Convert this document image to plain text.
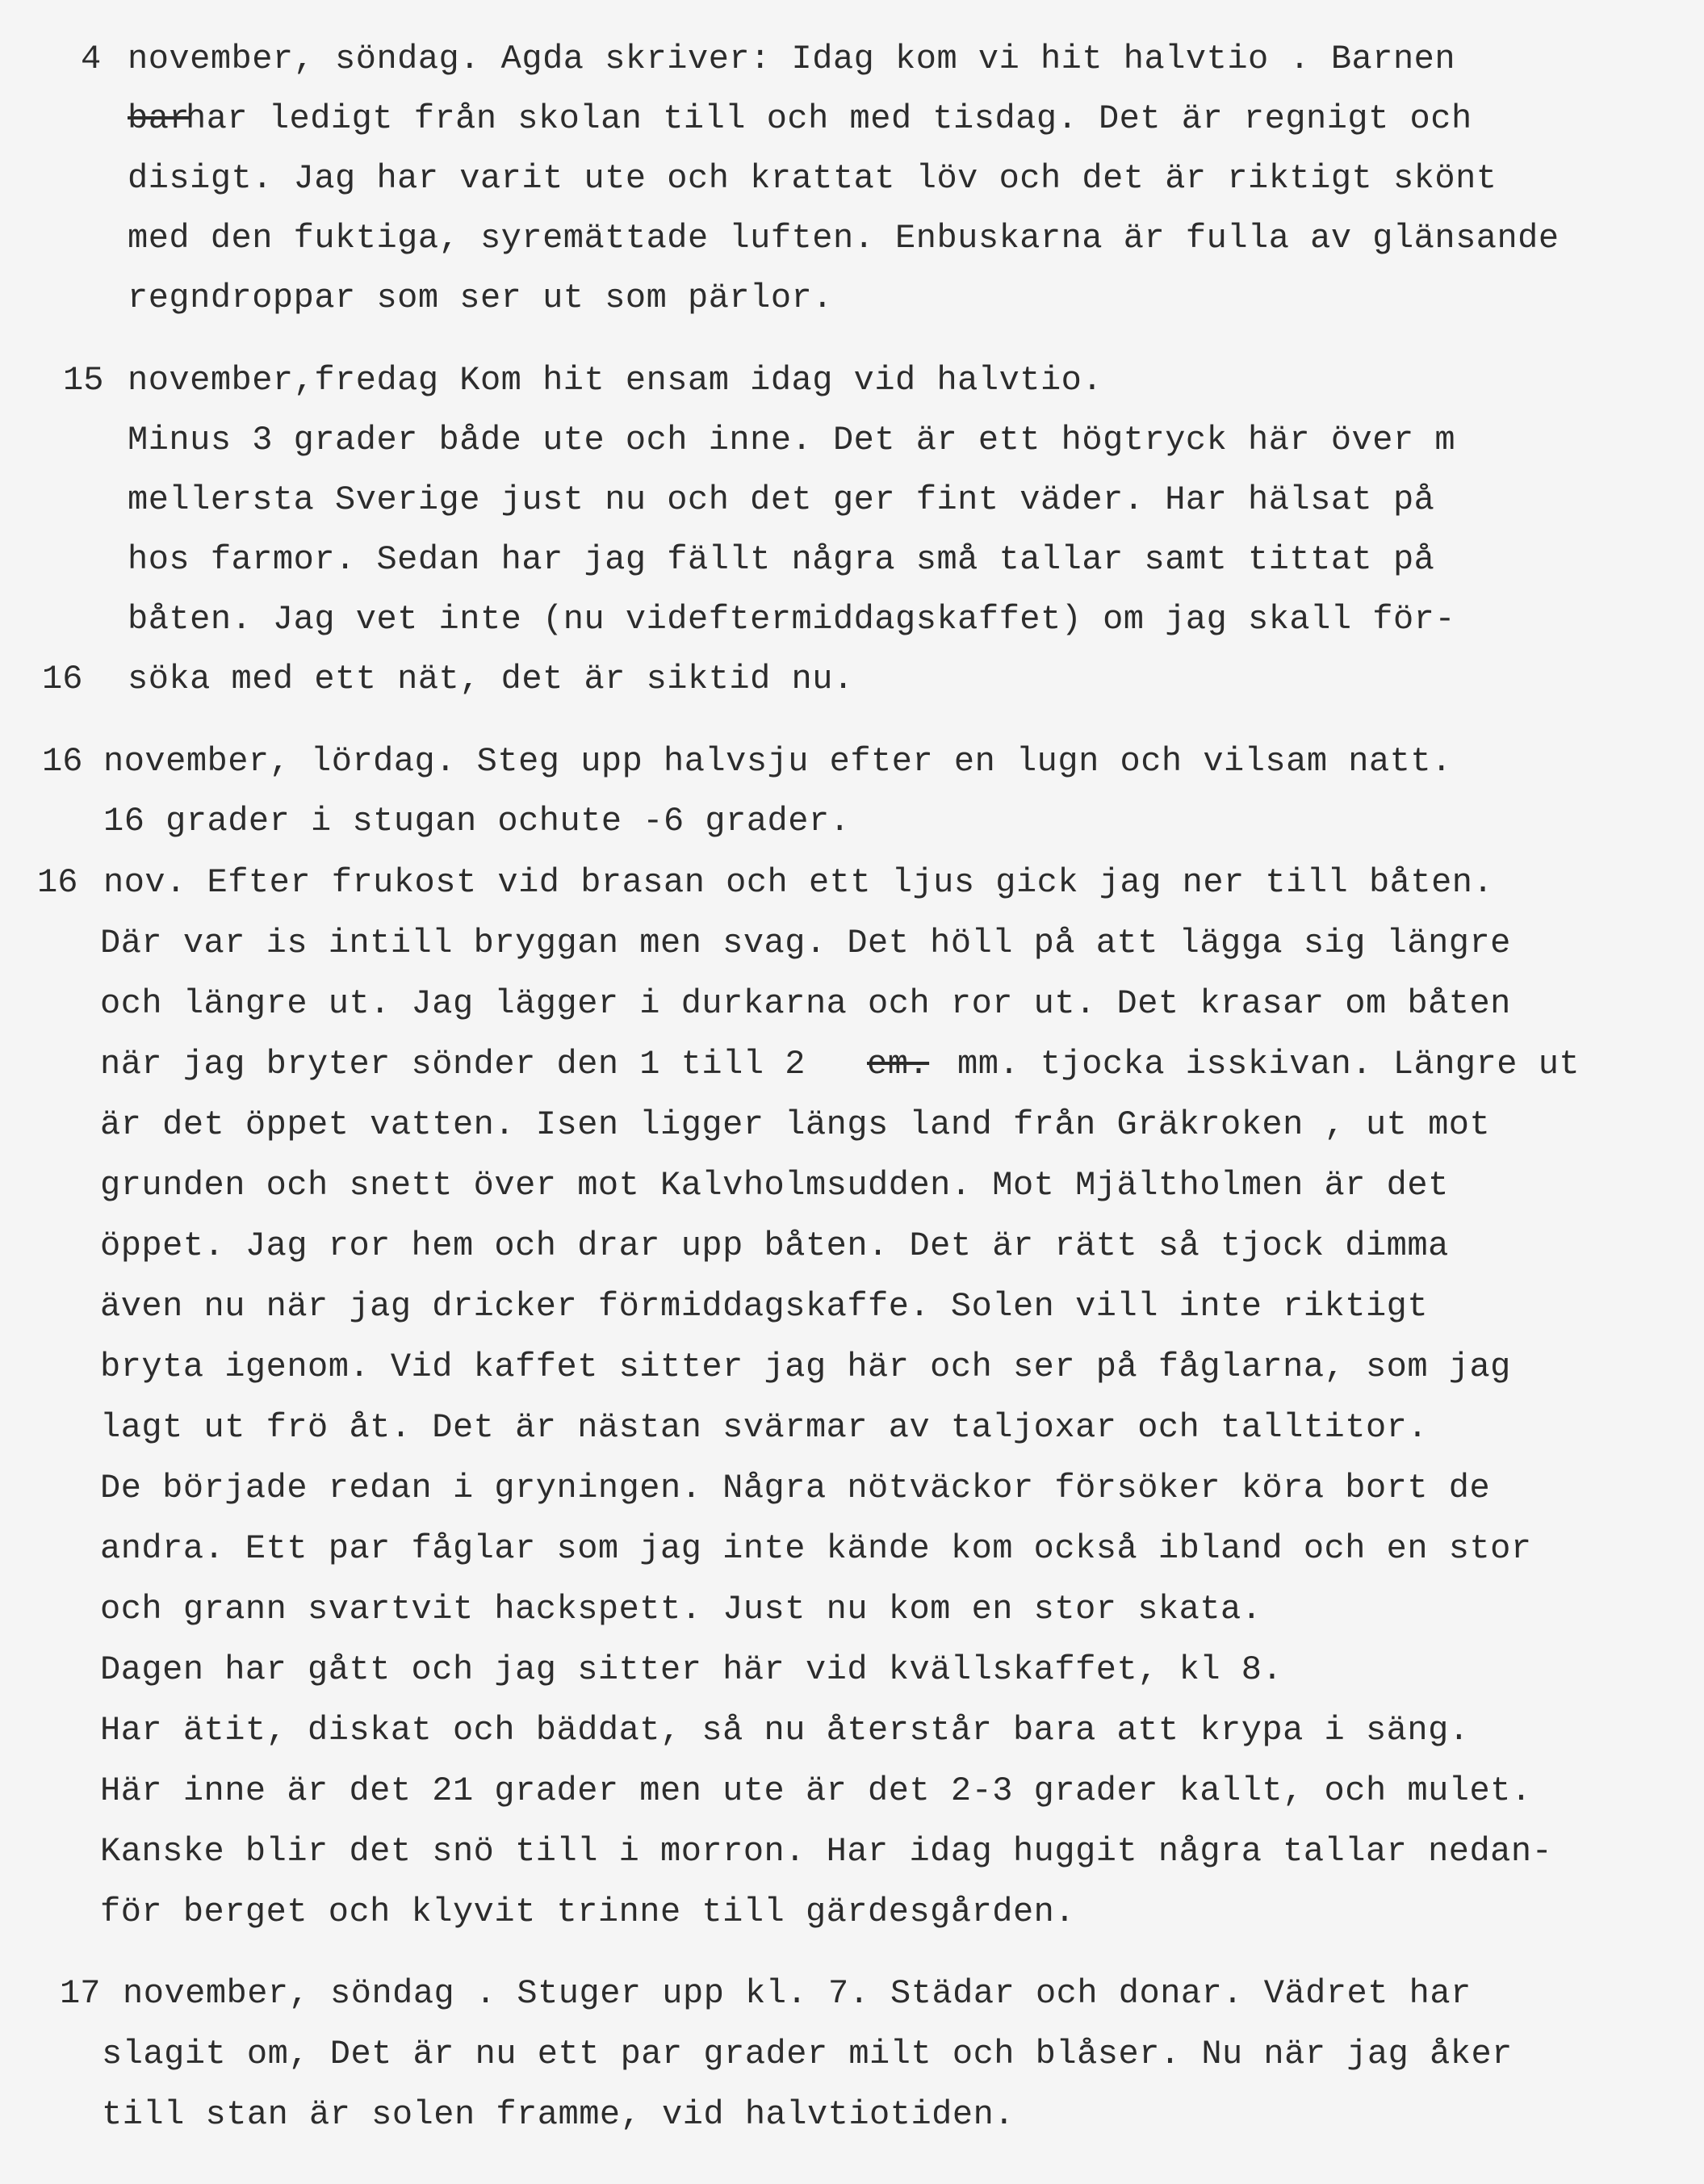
4 november, söndag. Agda skriver: Idag kom vi hit halvtio . Barnen
bar
har ledigt från skolan till och med tisdag. Det är regnigt och
disigt. Jag har varit ute och krattat löv och det är riktigt skönt
med den fuktiga, syremättade luften. Enbuskarna är fulla av glänsande
regndroppar som ser ut som pärlor.
15 november,fredag Kom hit ensam idag vid halvtio.
Minus 3 grader både ute och inne. Det är ett högtryck här över m
mellersta Sverige just nu och det ger fint väder. Har hälsat på
hos farmor. Sedan har jag fällt några små tallar samt tittat på
båten. Jag vet inte (nu videftermiddagskaffet) om jag skall för-
16 söka med ett nät, det är siktid nu.
16 november, lördag. Steg upp halvsju efter en lugn och vilsam natt.
16 grader i stugan ochute -6 grader.
16 nov. Efter frukost vid brasan och ett ljus gick jag ner till båten.
Där var is intill bryggan men svag. Det höll på att lägga sig längre
och längre ut. Jag lägger i durkarna och ror ut. Det krasar om båten
när jag bryter sönder den 1 till 2 em. mm. tjocka isskivan. Längre ut
är det öppet vatten. Isen ligger längs land från Gräkroken , ut mot
grunden och snett över mot Kalvholmsudden. Mot Mjältholmen är det
öppet. Jag ror hem och drar upp båten. Det är rätt så tjock dimma
även nu när jag dricker förmiddagskaffe. Solen vill inte riktigt
bryta igenom. Vid kaffet sitter jag här och ser på fåglarna, som jag
lagt ut frö åt. Det är nästan svärmar av taljoxar och talltitor.
De började redan i gryningen. Några nötväckor försöker köra bort de
andra. Ett par fåglar som jag inte kände kom också ibland och en stor
och grann svartvit hackspett. Just nu kom en stor skata.
Dagen har gått och jag sitter här vid kvällskaffet, kl 8.
Har ätit, diskat och bäddat, så nu återstår bara att krypa i säng.
Här inne är det 21 grader men ute är det 2-3 grader kallt, och mulet.
Kanske blir det snö till i morron. Har idag huggit några tallar nedan-
för berget och klyvit trinne till gärdesgården.
17 november, söndag . Stuger upp kl. 7. Städar och donar. Vädret har
slagit om, Det är nu ett par grader milt och blåser. Nu när jag åker
till stan är solen framme, vid halvtiotiden.
